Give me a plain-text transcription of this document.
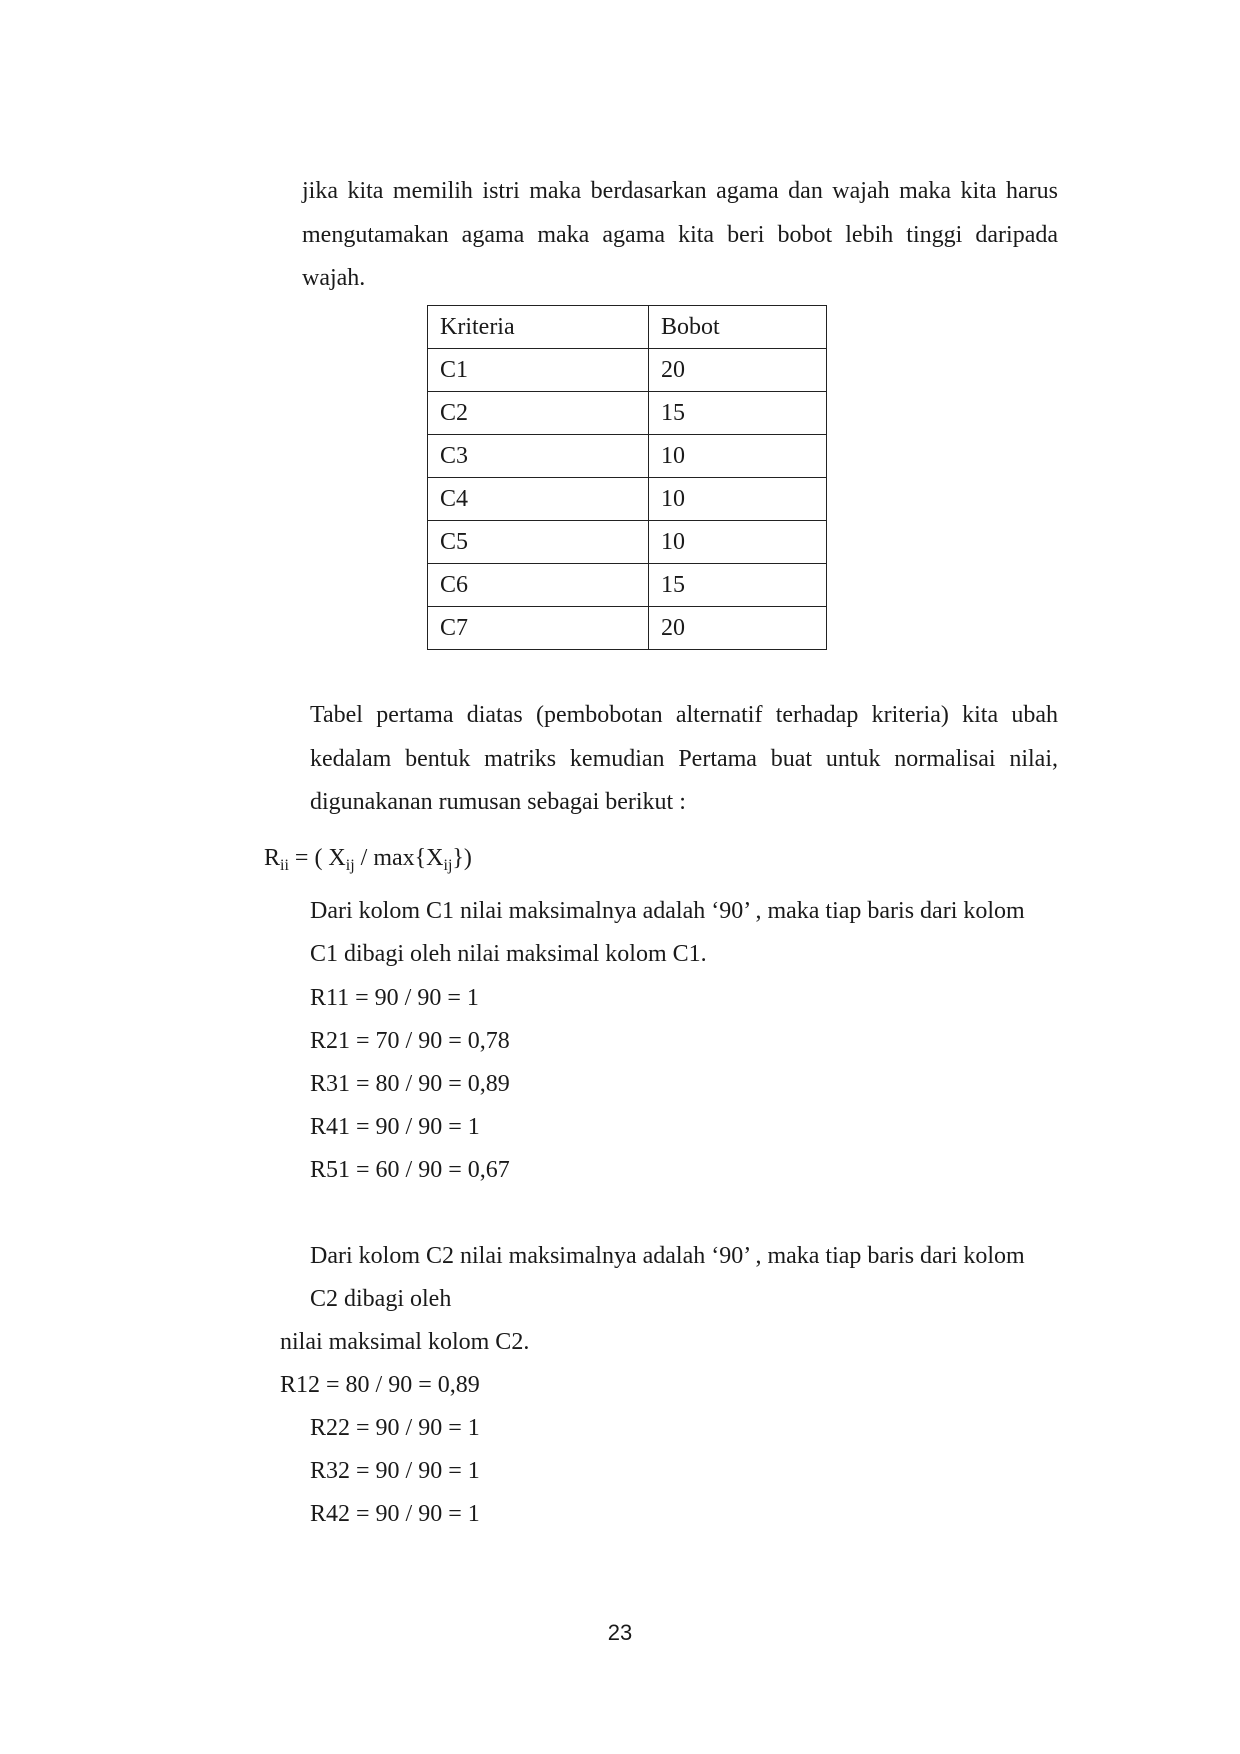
jika kita memilih istri maka berdasarkan agama dan wajah maka kita harus
mengutamakan agama maka agama kita beri bobot lebih tinggi daripada
wajah.
Kriteria	Bobot
C1	20
C2	15
C3	10
C4	10
C5	10
C6	15
C7	20
Tabel pertama diatas (pembobotan alternatif terhadap kriteria) kita ubah
kedalam bentuk matriks kemudian Pertama buat untuk normalisai nilai,
digunakanan rumusan sebagai berikut :
$R_{ii}$ = ( $X_{ij} / \max\{X_{ij}\}$)
Dari kolom C1 nilai maksimalnya adalah ‘90’ , maka tiap baris dari kolom
C1 dibagi oleh nilai maksimal kolom C1.
R11 = 90 / 90 = 1
R21 = 70 / 90 = 0,78
R31 = 80 / 90 = 0,89
R41 = 90 / 90 = 1
R51 = 60 / 90 = 0,67
Dari kolom C2 nilai maksimalnya adalah ‘90’ , maka tiap baris dari kolom
C2 dibagi oleh
nilai maksimal kolom C2.
R12 = 80 / 90 = 0,89
R22 = 90 / 90 = 1
R32 = 90 / 90 = 1
R42 = 90 / 90 = 1
23
